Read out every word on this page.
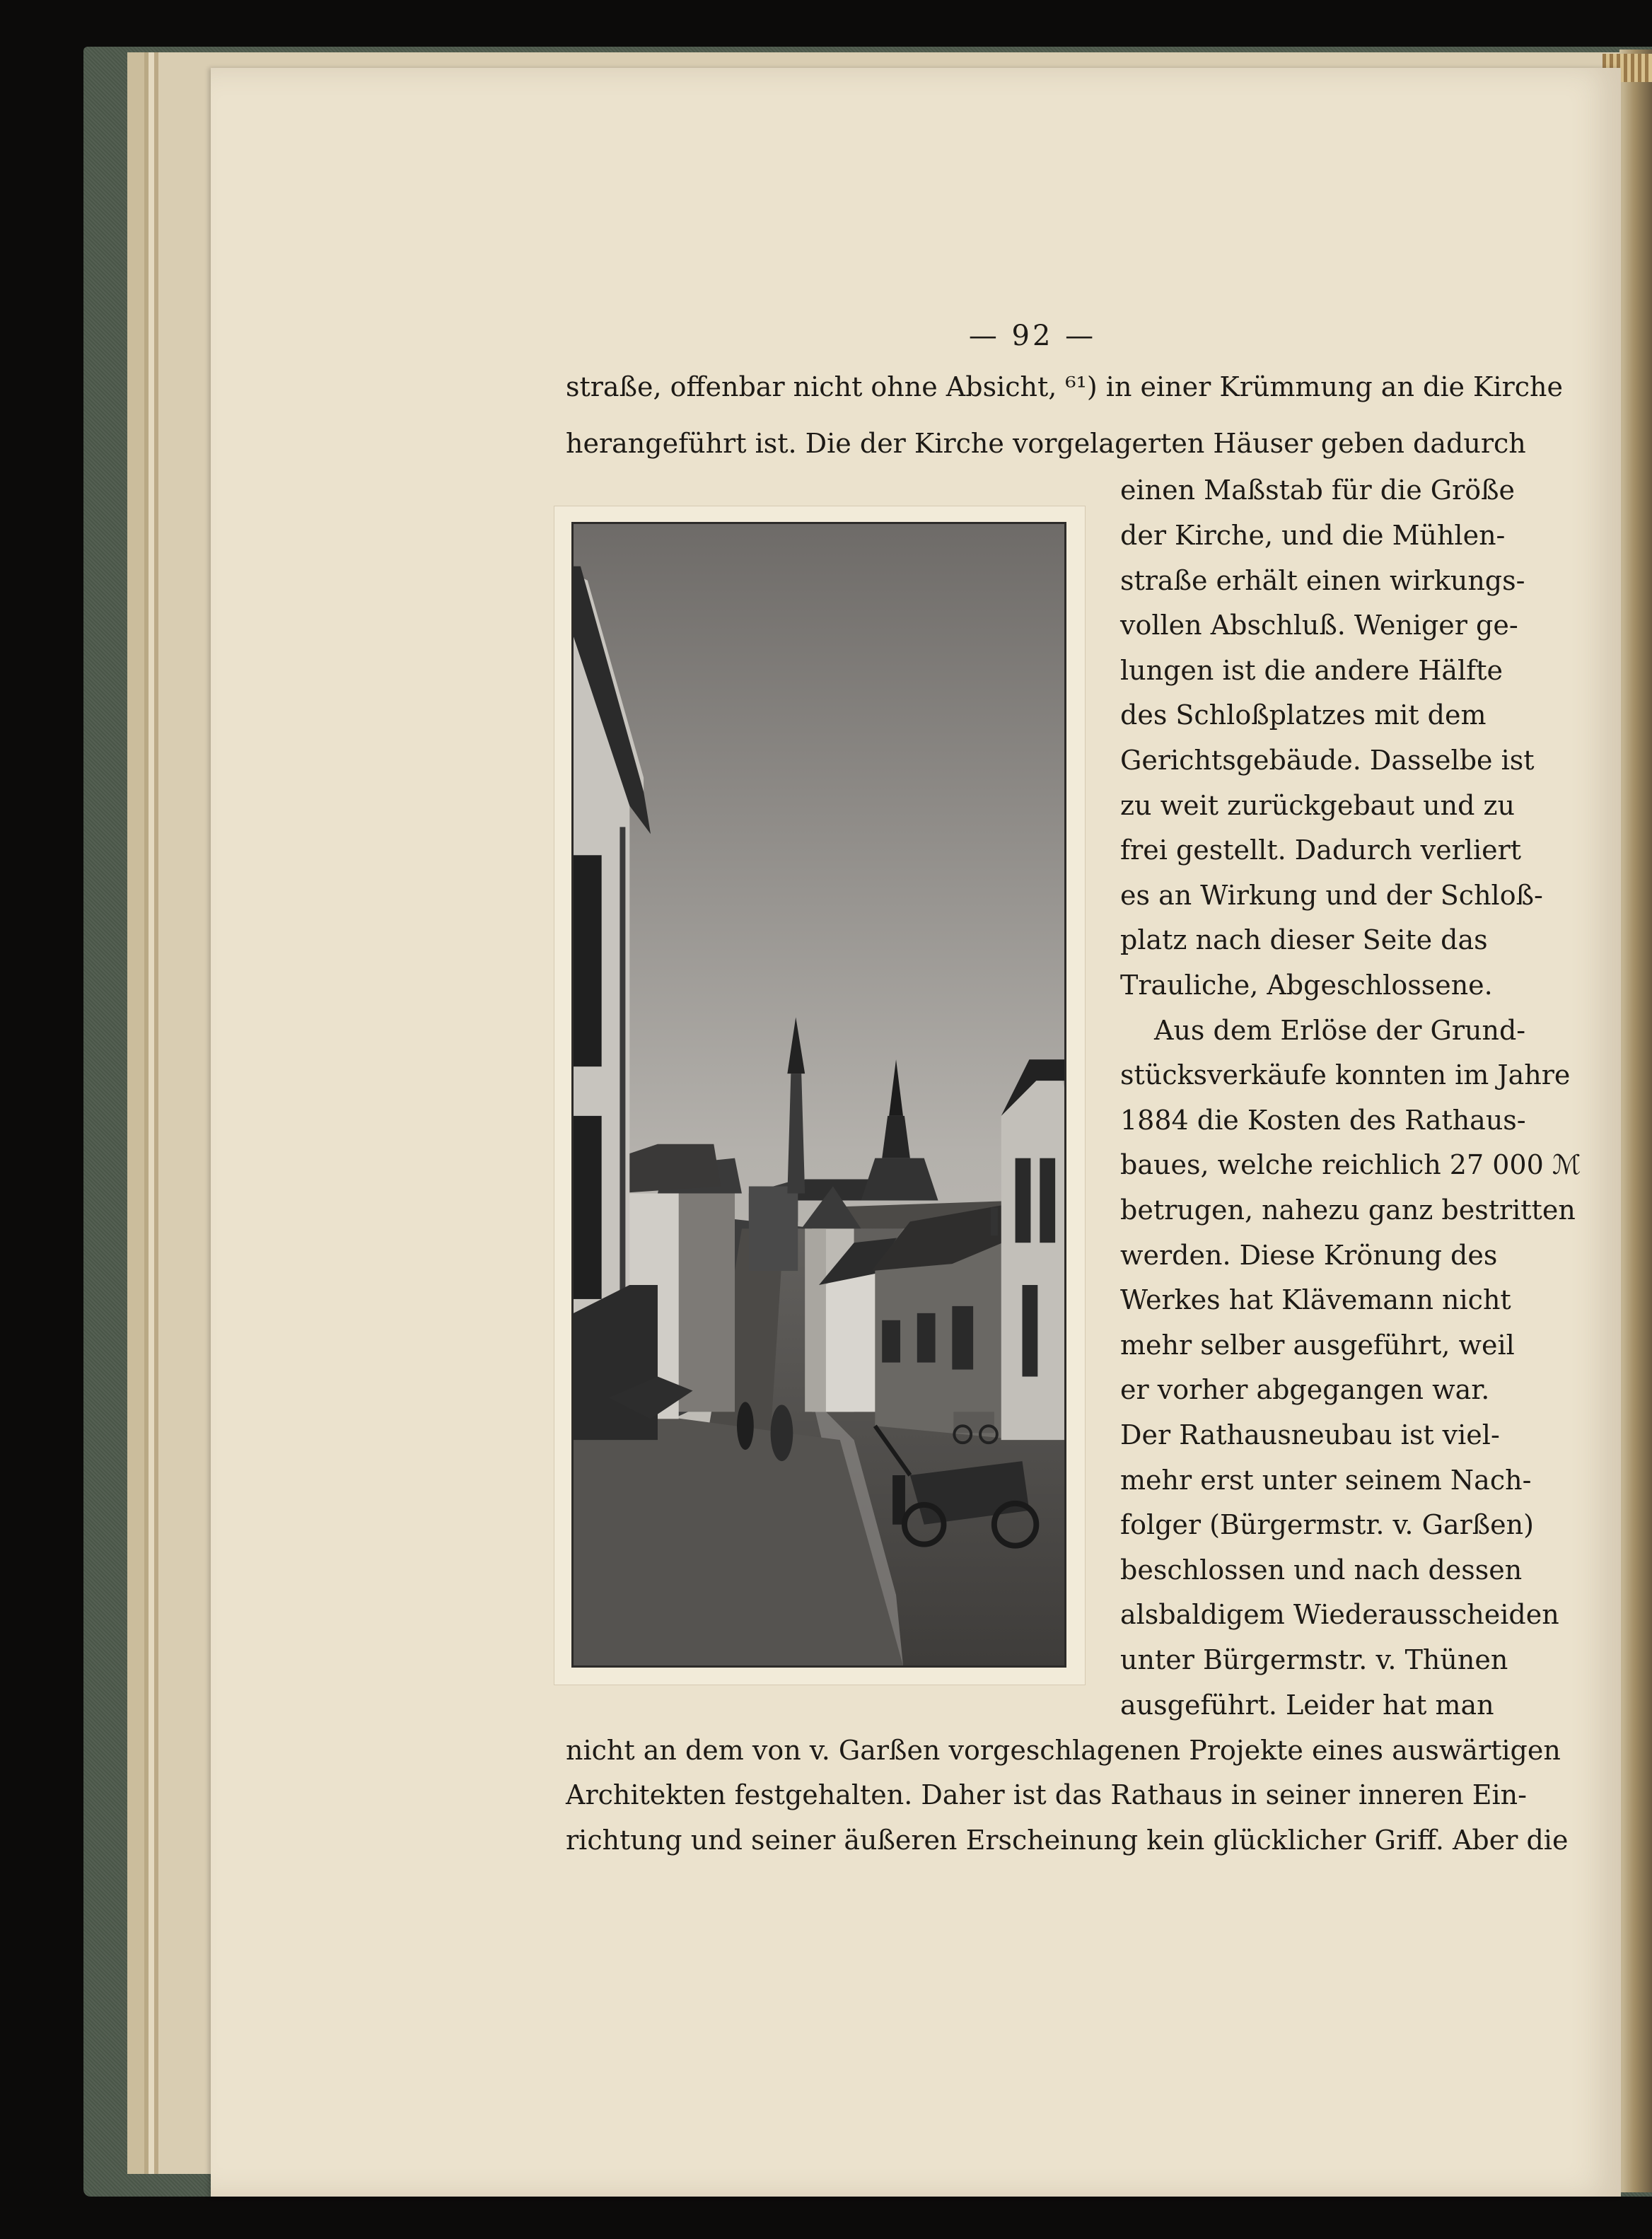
— 92 —

straße, offenbar nicht ohne Absicht, ⁶¹) in einer Krümmung an die Kirche

herangeführt ist. Die der Kirche vorgelagerten Häuser geben dadurch

einen Maßstab für die Größe

der Kirche, und die Mühlen-

straße erhält einen wirkungs-

vollen Abschluß. Weniger ge-

lungen ist die andere Hälfte

des Schloßplatzes mit dem

Gerichtsgebäude. Dasselbe ist

zu weit zurückgebaut und zu

frei gestellt. Dadurch verliert

es an Wirkung und der Schloß-

platz nach dieser Seite das

Trauliche, Abgeschlossene.

Aus dem Erlöse der Grund-

stücksverkäufe konnten im Jahre

1884 die Kosten des Rathaus-

baues, welche reichlich 27 000 ℳ

betrugen, nahezu ganz bestritten

werden. Diese Krönung des

Werkes hat Klävemann nicht

mehr selber ausgeführt, weil

er vorher abgegangen war.

Der Rathausneubau ist viel-

mehr erst unter seinem Nach-

folger (Bürgermstr. v. Garßen)

beschlossen und nach dessen

alsbaldigem Wiederausscheiden

unter Bürgermstr. v. Thünen

ausgeführt. Leider hat man

nicht an dem von v. Garßen vorgeschlagenen Projekte eines auswärtigen

Architekten festgehalten. Daher ist das Rathaus in seiner inneren Ein-

richtung und seiner äußeren Erscheinung kein glücklicher Griff. Aber die
